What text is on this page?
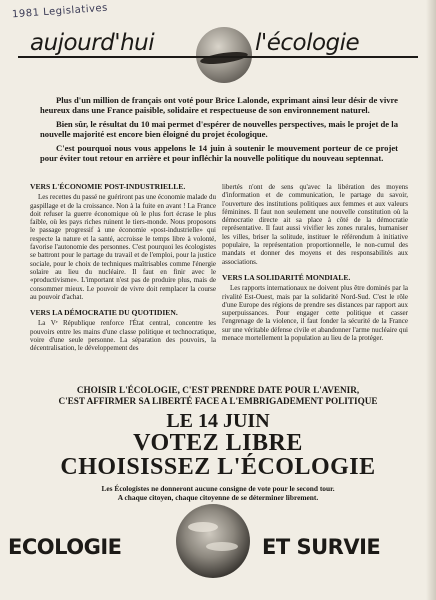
1981 Legislatives
aujourd'hui	l'écologie

Plus d'un million de français ont voté pour Brice Lalonde, exprimant ainsi leur désir de vivre heureux dans une France paisible, solidaire et respectueuse de son environnement naturel.

Bien sûr, le résultat du 10 mai permet d'espérer de nouvelles perspectives, mais le projet de la nouvelle majorité est encore bien éloigné du projet écologique.

C'est pourquoi nous vous appelons le 14 juin à soutenir le mouvement porteur de ce projet pour éviter tout retour en arrière et pour infléchir la nouvelle politique du nouveau septennat.

VERS L'ÉCONOMIE POST-INDUSTRIELLE.

Les recettes du passé ne guériront pas une économie malade du gaspillage et de la croissance. Non à la fuite en avant ! La France doit refuser la guerre économique où le plus fort écrase le plus faible, où les pays riches ruinent le tiers-monde. Nous proposons le passage progressif à une économie «post-industrielle» qui respecte la nature et la santé, accroisse le temps libre à volonté, favorise l'autonomie des personnes. C'est pourquoi les écologistes se battront pour le partage du travail et de l'emploi, pour la justice sociale, pour le choix de techniques maîtrisables comme l'énergie solaire au lieu du nucléaire. Il faut en finir avec le «productivisme». L'important n'est pas de produire plus, mais de consommer mieux. Le pouvoir de vivre doit remplacer la course au pouvoir d'achat.

VERS LA DÉMOCRATIE DU QUOTIDIEN.

La Vᵉ République renforce l'État central, concentre les pouvoirs entre les mains d'une classe politique et technocratique, voire d'une seule personne. La séparation des pouvoirs, la décentralisation, le développement des

libertés n'ont de sens qu'avec la libération des moyens d'information et de communication, le partage du savoir, l'ouverture des institutions politiques aux femmes et aux valeurs féminines. Il faut non seulement une nouvelle constitution où la démocratie directe ait sa place à côté de la démocratie représentative. Il faut aussi vivifier les zones rurales, humaniser les villes, briser la solitude, instituer le référendum à initiative populaire, la représentation proportionnelle, le non-cumul des mandats et donner des moyens et des responsabilités aux associations.

VERS LA SOLIDARITÉ MONDIALE.

Les rapports internationaux ne doivent plus être dominés par la rivalité Est-Ouest, mais par la solidarité Nord-Sud. C'est le rôle d'une Europe des régions de prendre ses distances par rapport aux superpuissances. Pour engager cette politique et casser l'engrenage de la violence, il faut fonder la sécurité de la France sur une véritable défense civile et abandonner l'arme nucléaire qui menace mortellement la population au lieu de la protéger.

CHOISIR L'ÉCOLOGIE, C'EST PRENDRE DATE POUR L'AVENIR,
C'EST AFFIRMER SA LIBERTÉ FACE A L'EMBRIGADEMENT POLITIQUE
LE 14 JUIN
VOTEZ LIBRE
CHOISISSEZ L'ÉCOLOGIE
Les Écologistes ne donneront aucune consigne de vote pour le second tour.
A chaque citoyen, chaque citoyenne de se déterminer librement.
ECOLOGIE	ET SURVIE
